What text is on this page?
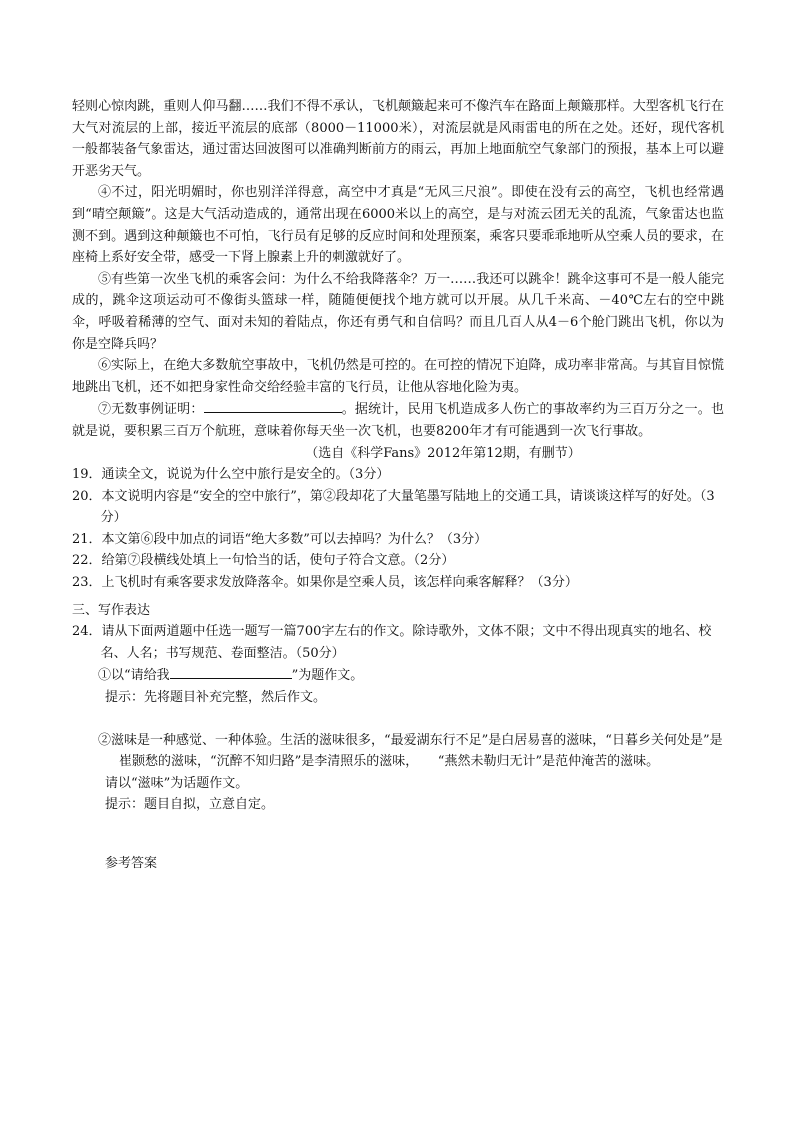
轻则心惊肉跳，重则人仰马翻……我们不得不承认，飞机颠簸起来可不像汽车在路面上颠簸那样。大型客机飞行在大气对流层的上部，接近平流层的底部（8000－11000米），对流层就是风雨雷电的所在之处。还好，现代客机一般都装备气象雷达，通过雷达回波图可以准确判断前方的雨云，再加上地面航空气象部门的预报，基本上可以避开恶劣天气。

④不过，阳光明媚时，你也别洋洋得意，高空中才真是“无风三尺浪”。即使在没有云的高空，飞机也经常遇到“晴空颠簸”。这是大气活动造成的，通常出现在6000米以上的高空，是与对流云团无关的乱流，气象雷达也监测不到。遇到这种颠簸也不可怕，飞行员有足够的反应时间和处理预案，乘客只要乖乖地听从空乘人员的要求，在座椅上系好安全带，感受一下肾上腺素上升的刺激就好了。

⑤有些第一次坐飞机的乘客会问：为什么不给我降落伞？万一……我还可以跳伞！跳伞这事可不是一般人能完成的，跳伞这项运动可不像街头篮球一样，随随便便找个地方就可以开展。从几千米高、－40℃左右的空中跳伞，呼吸着稀薄的空气、面对未知的着陆点，你还有勇气和自信吗？而且几百人从4－6个舱门跳出飞机，你以为你是空降兵吗？

⑥实际上，在绝大多数航空事故中，飞机仍然是可控的。在可控的情况下迫降，成功率非常高。与其盲目惊慌地跳出飞机，还不如把身家性命交给经验丰富的飞行员，让他从容地化险为夷。

⑦无数事例证明：	。据统计，民用飞机造成多人伤亡的事故率约为三百万分之一。也就是说，要积累三百万个航班，意味着你每天坐一次飞机，也要8200年才有可能遇到一次飞行事故。

（选自《科学Fans》2012年第12期，有删节）

19．通读全文，说说为什么空中旅行是安全的。（3分）

20．本文说明内容是“安全的空中旅行”，第②段却花了大量笔墨写陆地上的交通工具，请谈谈这样写的好处。（3分）

21．本文第⑥段中加点的词语“绝大多数”可以去掉吗？为什么？（3分）

22．给第⑦段横线处填上一句恰当的话，使句子符合文意。（2分）

23．上飞机时有乘客要求发放降落伞。如果你是空乘人员，该怎样向乘客解释？（3分）

三、写作表达

24．请从下面两道题中任选一题写一篇700字左右的作文。除诗歌外，文体不限；文中不得出现真实的地名、校名、人名；书写规范、卷面整洁。（50分）

①以“请给我	”为题作文。

提示：先将题目补充完整，然后作文。

②滋味是一种感觉、一种体验。生活的滋味很多，“最爱湖东行不足”是白居易喜的滋味，“日暮乡关何处是”是崔颢愁的滋味，“沉醉不知归路”是李清照乐的滋味，　　“燕然未勒归无计”是范仲淹苦的滋味。

请以“滋味”为话题作文。

提示：题目自拟，立意自定。

参考答案
